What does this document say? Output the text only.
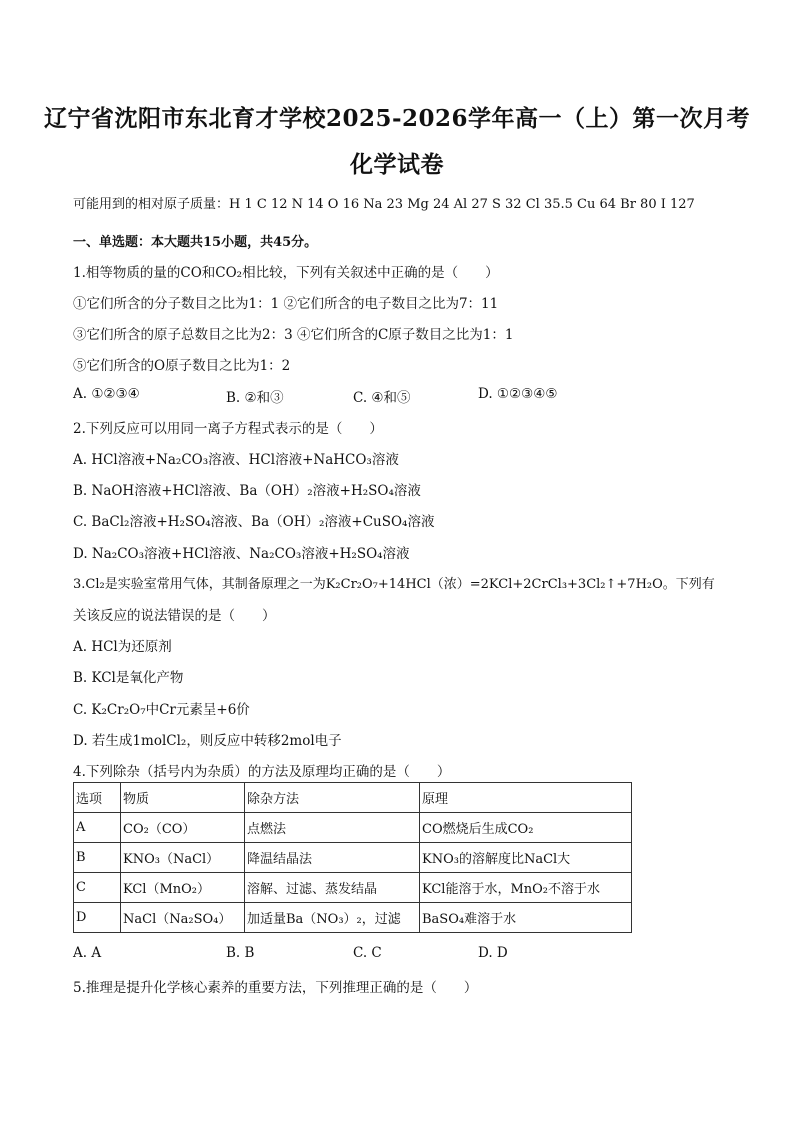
辽宁省沈阳市东北育才学校2025-2026学年高一（上）第一次月考
化学试卷
可能用到的相对原子质量：H 1 C 12 N 14 O 16 Na 23 Mg 24 Al 27 S 32 Cl 35.5 Cu 64 Br 80 I 127
一、单选题：本大题共15小题，共45分。
1.相等物质的量的CO和CO₂相比较，下列有关叙述中正确的是（　　）
①它们所含的分子数目之比为1：1 ②它们所含的电子数目之比为7：11
③它们所含的原子总数目之比为2：3 ④它们所含的C原子数目之比为1：1
⑤它们所含的O原子数目之比为1：2
A. ①②③④	B. ②和③	C. ④和⑤	D. ①②③④⑤
2.下列反应可以用同一离子方程式表示的是（　　）
A. HCl溶液+Na₂CO₃溶液、HCl溶液+NaHCO₃溶液
B. NaOH溶液+HCl溶液、Ba（OH）₂溶液+H₂SO₄溶液
C. BaCl₂溶液+H₂SO₄溶液、Ba（OH）₂溶液+CuSO₄溶液
D. Na₂CO₃溶液+HCl溶液、Na₂CO₃溶液+H₂SO₄溶液
3.Cl₂是实验室常用气体，其制备原理之一为K₂Cr₂O₇+14HCl（浓）=2KCl+2CrCl₃+3Cl₂↑+7H₂O。下列有
关该反应的说法错误的是（　　）
A. HCl为还原剂
B. KCl是氧化产物
C. K₂Cr₂O₇中Cr元素呈+6价
D. 若生成1molCl₂，则反应中转移2mol电子
4.下列除杂（括号内为杂质）的方法及原理均正确的是（　　）
选项	物质	除杂方法	原理
A	CO₂（CO）	点燃法	CO燃烧后生成CO₂
B	KNO₃（NaCl）	降温结晶法	KNO₃的溶解度比NaCl大
C	KCl（MnO₂）	溶解、过滤、蒸发结晶	KCl能溶于水，MnO₂不溶于水
D	NaCl（Na₂SO₄）	加适量Ba（NO₃）₂，过滤	BaSO₄难溶于水
A. A	B. B	C. C	D. D
5.推理是提升化学核心素养的重要方法，下列推理正确的是（　　）
